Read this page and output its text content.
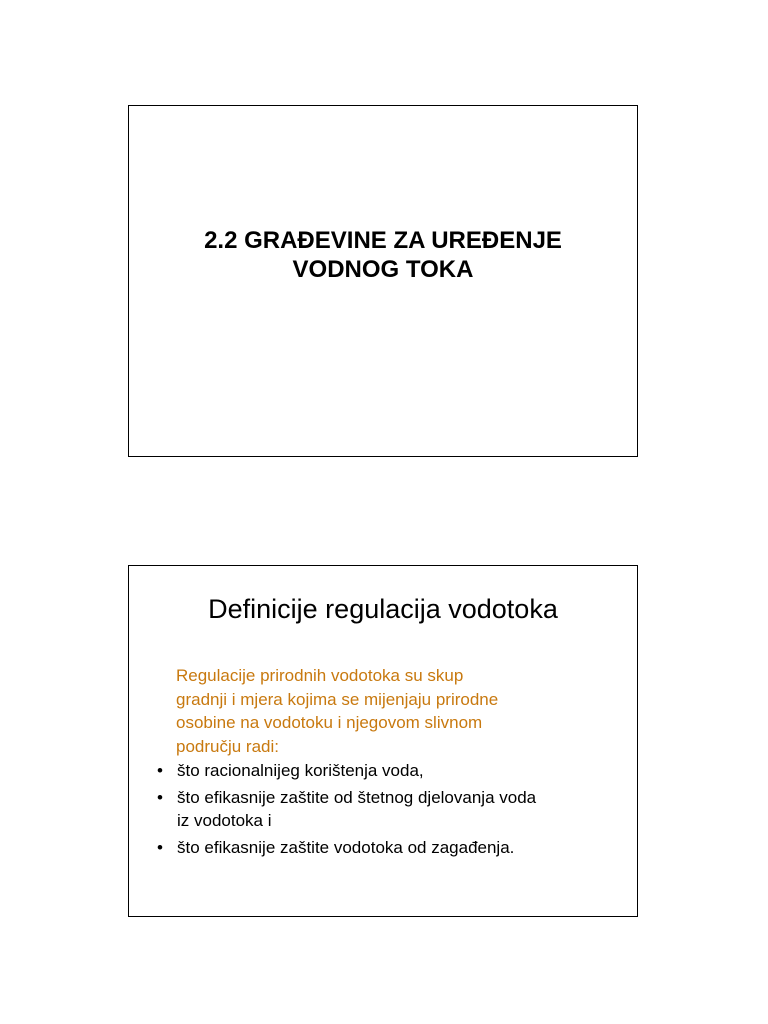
2.2 GRAĐEVINE ZA UREĐENJE
VODNOG TOKA
Definicije regulacija vodotoka

Regulacije prirodnih vodotoka su skup
gradnji i mjera kojima se mijenjaju prirodne
osobine na vodotoku i njegovom slivnom
području radi:

• što racionalnijeg korištenja voda,
• što efikasnije zaštite od štetnog djelovanja voda
iz vodotoka i
• što efikasnije zaštite vodotoka od zagađenja.
